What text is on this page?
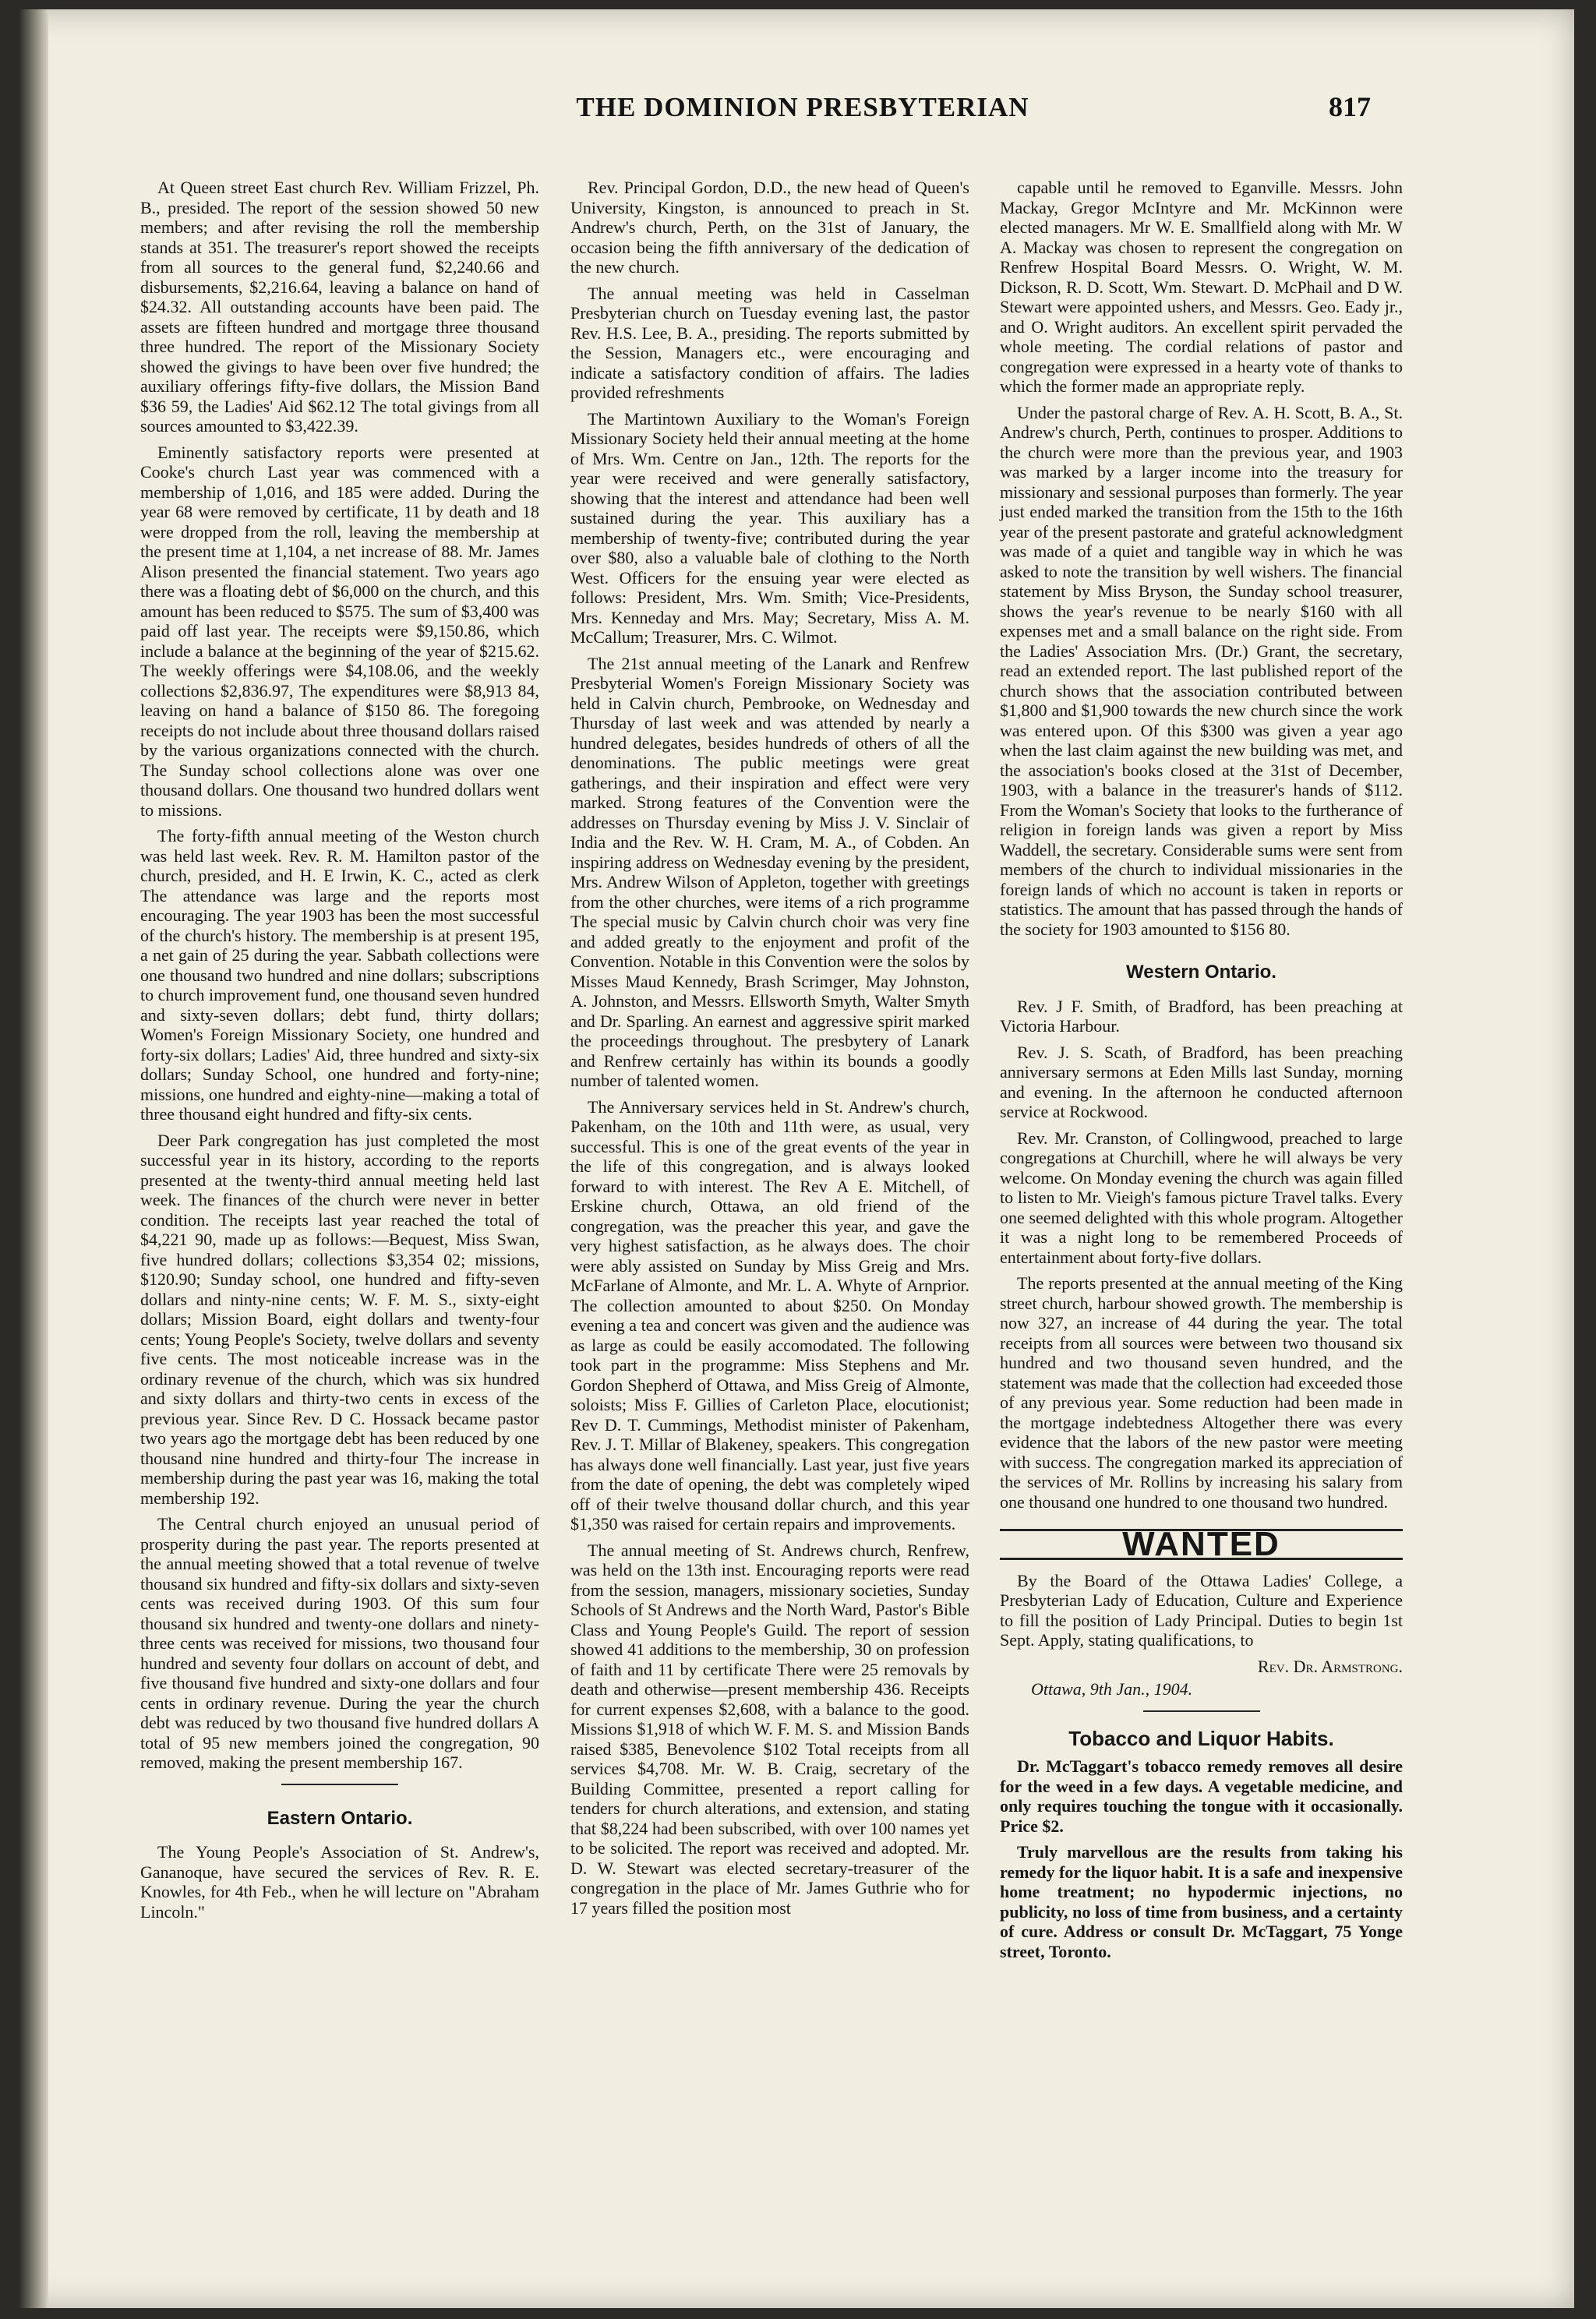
THE DOMINION PRESBYTERIAN	817

At Queen street East church Rev. William Frizzel, Ph. B., presided. The report of the session showed 50 new members; and after revising the roll the membership stands at 351. The treasurer's report showed the receipts from all sources to the general fund, $2,240.66 and disbursements, $2,216.64, leaving a balance on hand of $24.32. All outstanding accounts have been paid. The assets are fifteen hundred and mortgage three thousand three hundred. The report of the Missionary Society showed the givings to have been over five hundred; the auxiliary offerings fifty-five dollars, the Mission Band $36 59, the Ladies' Aid $62.12 The total givings from all sources amounted to $3,422.39.

Eminently satisfactory reports were presented at Cooke's church Last year was commenced with a membership of 1,016, and 185 were added. During the year 68 were removed by certificate, 11 by death and 18 were dropped from the roll, leaving the membership at the present time at 1,104, a net increase of 88. Mr. James Alison presented the financial statement. Two years ago there was a floating debt of $6,000 on the church, and this amount has been reduced to $575. The sum of $3,400 was paid off last year. The receipts were $9,150.86, which include a balance at the beginning of the year of $215.62. The weekly offerings were $4,108.06, and the weekly collections $2,836.97, The expenditures were $8,913 84, leaving on hand a balance of $150 86. The foregoing receipts do not include about three thousand dollars raised by the various organizations connected with the church. The Sunday school collections alone was over one thousand dollars. One thousand two hundred dollars went to missions.

The forty-fifth annual meeting of the Weston church was held last week. Rev. R. M. Hamilton pastor of the church, presided, and H. E Irwin, K. C., acted as clerk The attendance was large and the reports most encouraging. The year 1903 has been the most successful of the church's history. The membership is at present 195, a net gain of 25 during the year. Sabbath collections were one thousand two hundred and nine dollars; subscriptions to church improvement fund, one thousand seven hundred and sixty-seven dollars; debt fund, thirty dollars; Women's Foreign Missionary Society, one hundred and forty-six dollars; Ladies' Aid, three hundred and sixty-six dollars; Sunday School, one hundred and forty-nine; missions, one hundred and eighty-nine—making a total of three thousand eight hundred and fifty-six cents.

Deer Park congregation has just completed the most successful year in its history, according to the reports presented at the twenty-third annual meeting held last week. The finances of the church were never in better condition. The receipts last year reached the total of $4,221 90, made up as follows:—Bequest, Miss Swan, five hundred dollars; collections $3,354 02; missions, $120.90; Sunday school, one hundred and fifty-seven dollars and ninty-nine cents; W. F. M. S., sixty-eight dollars; Mission Board, eight dollars and twenty-four cents; Young People's Society, twelve dollars and seventy five cents. The most noticeable increase was in the ordinary revenue of the church, which was six hundred and sixty dollars and thirty-two cents in excess of the previous year. Since Rev. D C. Hossack became pastor two years ago the mortgage debt has been reduced by one thousand nine hundred and thirty-four The increase in membership during the past year was 16, making the total membership 192.

The Central church enjoyed an unusual period of prosperity during the past year. The reports presented at the annual meeting showed that a total revenue of twelve thousand six hundred and fifty-six dollars and sixty-seven cents was received during 1903. Of this sum four thousand six hundred and twenty-one dollars and ninety-three cents was received for missions, two thousand four hundred and seventy four dollars on account of debt, and five thousand five hundred and sixty-one dollars and four cents in ordinary revenue. During the year the church debt was reduced by two thousand five hundred dollars A total of 95 new members joined the congregation, 90 removed, making the present membership 167.

Eastern Ontario.

The Young People's Association of St. Andrew's, Gananoque, have secured the services of Rev. R. E. Knowles, for 4th Feb., when he will lecture on "Abraham Lincoln."

Rev. Principal Gordon, D.D., the new head of Queen's University, Kingston, is announced to preach in St. Andrew's church, Perth, on the 31st of January, the occasion being the fifth anniversary of the dedication of the new church.

The annual meeting was held in Casselman Presbyterian church on Tuesday evening last, the pastor Rev. H.S. Lee, B. A., presiding. The reports submitted by the Session, Managers etc., were encouraging and indicate a satisfactory condition of affairs. The ladies provided refreshments

The Martintown Auxiliary to the Woman's Foreign Missionary Society held their annual meeting at the home of Mrs. Wm. Centre on Jan., 12th. The reports for the year were received and were generally satisfactory, showing that the interest and attendance had been well sustained during the year. This auxiliary has a membership of twenty-five; contributed during the year over $80, also a valuable bale of clothing to the North West. Officers for the ensuing year were elected as follows: President, Mrs. Wm. Smith; Vice-Presidents, Mrs. Kenneday and Mrs. May; Secretary, Miss A. M. McCallum; Treasurer, Mrs. C. Wilmot.

The 21st annual meeting of the Lanark and Renfrew Presbyterial Women's Foreign Missionary Society was held in Calvin church, Pembrooke, on Wednesday and Thursday of last week and was attended by nearly a hundred delegates, besides hundreds of others of all the denominations. The public meetings were great gatherings, and their inspiration and effect were very marked. Strong features of the Convention were the addresses on Thursday evening by Miss J. V. Sinclair of India and the Rev. W. H. Cram, M. A., of Cobden. An inspiring address on Wednesday evening by the president, Mrs. Andrew Wilson of Appleton, together with greetings from the other churches, were items of a rich programme The special music by Calvin church choir was very fine and added greatly to the enjoyment and profit of the Convention. Notable in this Convention were the solos by Misses Maud Kennedy, Brash Scrimger, May Johnston, A. Johnston, and Messrs. Ellsworth Smyth, Walter Smyth and Dr. Sparling. An earnest and aggressive spirit marked the proceedings throughout. The presbytery of Lanark and Renfrew certainly has within its bounds a goodly number of talented women.

The Anniversary services held in St. Andrew's church, Pakenham, on the 10th and 11th were, as usual, very successful. This is one of the great events of the year in the life of this congregation, and is always looked forward to with interest. The Rev A E. Mitchell, of Erskine church, Ottawa, an old friend of the congregation, was the preacher this year, and gave the very highest satisfaction, as he always does. The choir were ably assisted on Sunday by Miss Greig and Mrs. McFarlane of Almonte, and Mr. L. A. Whyte of Arnprior. The collection amounted to about $250. On Monday evening a tea and concert was given and the audience was as large as could be easily accomodated. The following took part in the programme: Miss Stephens and Mr. Gordon Shepherd of Ottawa, and Miss Greig of Almonte, soloists; Miss F. Gillies of Carleton Place, elocutionist; Rev D. T. Cummings, Methodist minister of Pakenham, Rev. J. T. Millar of Blakeney, speakers. This congregation has always done well financially. Last year, just five years from the date of opening, the debt was completely wiped off of their twelve thousand dollar church, and this year $1,350 was raised for certain repairs and improvements.

The annual meeting of St. Andrews church, Renfrew, was held on the 13th inst. Encouraging reports were read from the session, managers, missionary societies, Sunday Schools of St Andrews and the North Ward, Pastor's Bible Class and Young People's Guild. The report of session showed 41 additions to the membership, 30 on profession of faith and 11 by certificate There were 25 removals by death and otherwise—present membership 436. Receipts for current expenses $2,608, with a balance to the good. Missions $1,918 of which W. F. M. S. and Mission Bands raised $385, Benevolence $102 Total receipts from all services $4,708. Mr. W. B. Craig, secretary of the Building Committee, presented a report calling for tenders for church alterations, and extension, and stating that $8,224 had been subscribed, with over 100 names yet to be solicited. The report was received and adopted. Mr. D. W. Stewart was elected secretary-treasurer of the congregation in the place of Mr. James Guthrie who for 17 years filled the position most

capable until he removed to Eganville. Messrs. John Mackay, Gregor McIntyre and Mr. McKinnon were elected managers. Mr W. E. Smallfield along with Mr. W A. Mackay was chosen to represent the congregation on Renfrew Hospital Board Messrs. O. Wright, W. M. Dickson, R. D. Scott, Wm. Stewart. D. McPhail and D W. Stewart were appointed ushers, and Messrs. Geo. Eady jr., and O. Wright auditors. An excellent spirit pervaded the whole meeting. The cordial relations of pastor and congregation were expressed in a hearty vote of thanks to which the former made an appropriate reply.

Under the pastoral charge of Rev. A. H. Scott, B. A., St. Andrew's church, Perth, continues to prosper. Additions to the church were more than the previous year, and 1903 was marked by a larger income into the treasury for missionary and sessional purposes than formerly. The year just ended marked the transition from the 15th to the 16th year of the present pastorate and grateful acknowledgment was made of a quiet and tangible way in which he was asked to note the transition by well wishers. The financial statement by Miss Bryson, the Sunday school treasurer, shows the year's revenue to be nearly $160 with all expenses met and a small balance on the right side. From the Ladies' Association Mrs. (Dr.) Grant, the secretary, read an extended report. The last published report of the church shows that the association contributed between $1,800 and $1,900 towards the new church since the work was entered upon. Of this $300 was given a year ago when the last claim against the new building was met, and the association's books closed at the 31st of December, 1903, with a balance in the treasurer's hands of $112. From the Woman's Society that looks to the furtherance of religion in foreign lands was given a report by Miss Waddell, the secretary. Considerable sums were sent from members of the church to individual missionaries in the foreign lands of which no account is taken in reports or statistics. The amount that has passed through the hands of the society for 1903 amounted to $156 80.

Western Ontario.

Rev. J F. Smith, of Bradford, has been preaching at Victoria Harbour.

Rev. J. S. Scath, of Bradford, has been preaching anniversary sermons at Eden Mills last Sunday, morning and evening. In the afternoon he conducted afternoon service at Rockwood.

Rev. Mr. Cranston, of Collingwood, preached to large congregations at Churchill, where he will always be very welcome. On Monday evening the church was again filled to listen to Mr. Vieigh's famous picture Travel talks. Every one seemed delighted with this whole program. Altogether it was a night long to be remembered Proceeds of entertainment about forty-five dollars.

The reports presented at the annual meeting of the King street church, harbour showed growth. The membership is now 327, an increase of 44 during the year. The total receipts from all sources were between two thousand six hundred and two thousand seven hundred, and the statement was made that the collection had exceeded those of any previous year. Some reduction had been made in the mortgage indebtedness Altogether there was every evidence that the labors of the new pastor were meeting with success. The congregation marked its appreciation of the services of Mr. Rollins by increasing his salary from one thousand one hundred to one thousand two hundred.

WANTED

By the Board of the Ottawa Ladies' College, a Presbyterian Lady of Education, Culture and Experience to fill the position of Lady Principal. Duties to begin 1st Sept. Apply, stating qualifications, to

Rev. Dr. Armstrong.
Ottawa, 9th Jan., 1904.
Tobacco and Liquor Habits.

Dr. McTaggart's tobacco remedy removes all desire for the weed in a few days. A vegetable medicine, and only requires touching the tongue with it occasionally. Price $2.

Truly marvellous are the results from taking his remedy for the liquor habit. It is a safe and inexpensive home treatment; no hypodermic injections, no publicity, no loss of time from business, and a certainty of cure. Address or consult Dr. McTaggart, 75 Yonge street, Toronto.
